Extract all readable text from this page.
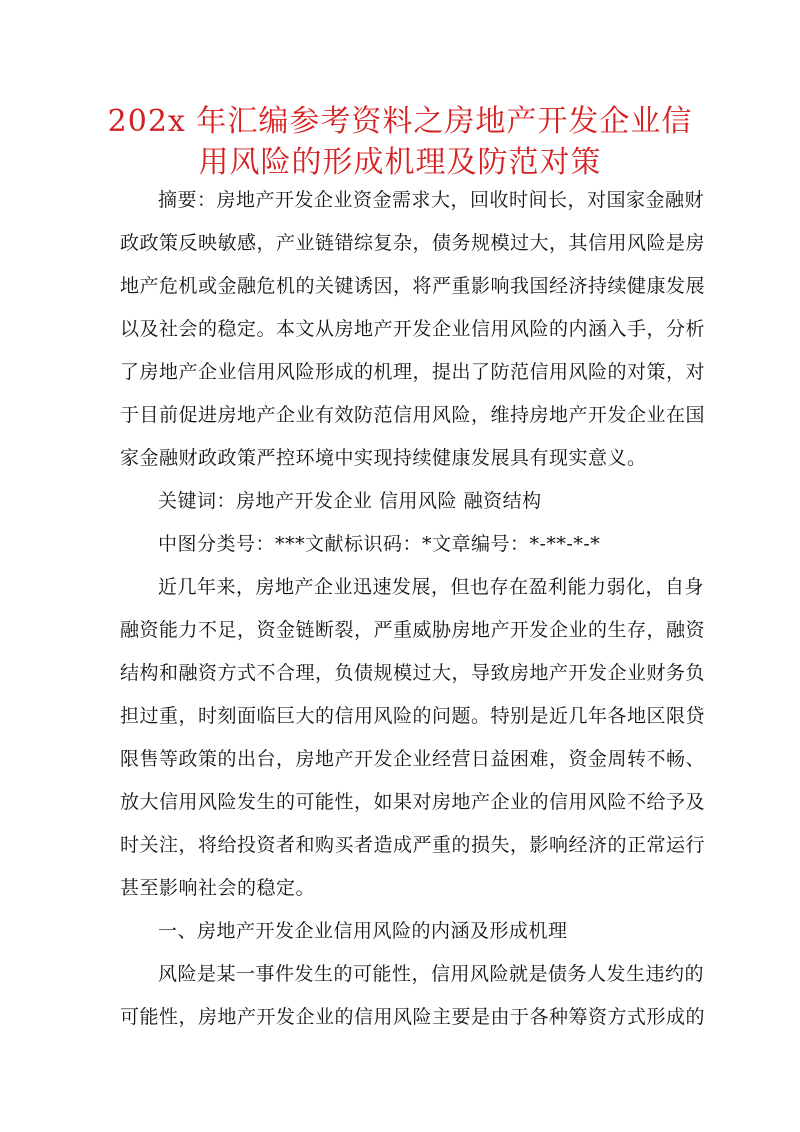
202x 年汇编参考资料之房地产开发企业信
用风险的形成机理及防范对策

摘要：房地产开发企业资金需求大，回收时间长，对国家金融财

政政策反映敏感，产业链错综复杂，债务规模过大，其信用风险是房

地产危机或金融危机的关键诱因，将严重影响我国经济持续健康发展

以及社会的稳定。本文从房地产开发企业信用风险的内涵入手，分析

了房地产企业信用风险形成的机理，提出了防范信用风险的对策，对

于目前促进房地产企业有效防范信用风险，维持房地产开发企业在国

家金融财政政策严控环境中实现持续健康发展具有现实意义。

关键词：房地产开发企业 信用风险 融资结构

中图分类号：***文献标识码：*文章编号：*-**-*-*

近几年来，房地产企业迅速发展，但也存在盈利能力弱化，自身

融资能力不足，资金链断裂，严重威胁房地产开发企业的生存，融资

结构和融资方式不合理，负债规模过大，导致房地产开发企业财务负

担过重，时刻面临巨大的信用风险的问题。特别是近几年各地区限贷

限售等政策的出台，房地产开发企业经营日益困难，资金周转不畅、

放大信用风险发生的可能性，如果对房地产企业的信用风险不给予及

时关注，将给投资者和购买者造成严重的损失，影响经济的正常运行

甚至影响社会的稳定。

一、房地产开发企业信用风险的内涵及形成机理

风险是某一事件发生的可能性，信用风险就是债务人发生违约的

可能性，房地产开发企业的信用风险主要是由于各种筹资方式形成的
